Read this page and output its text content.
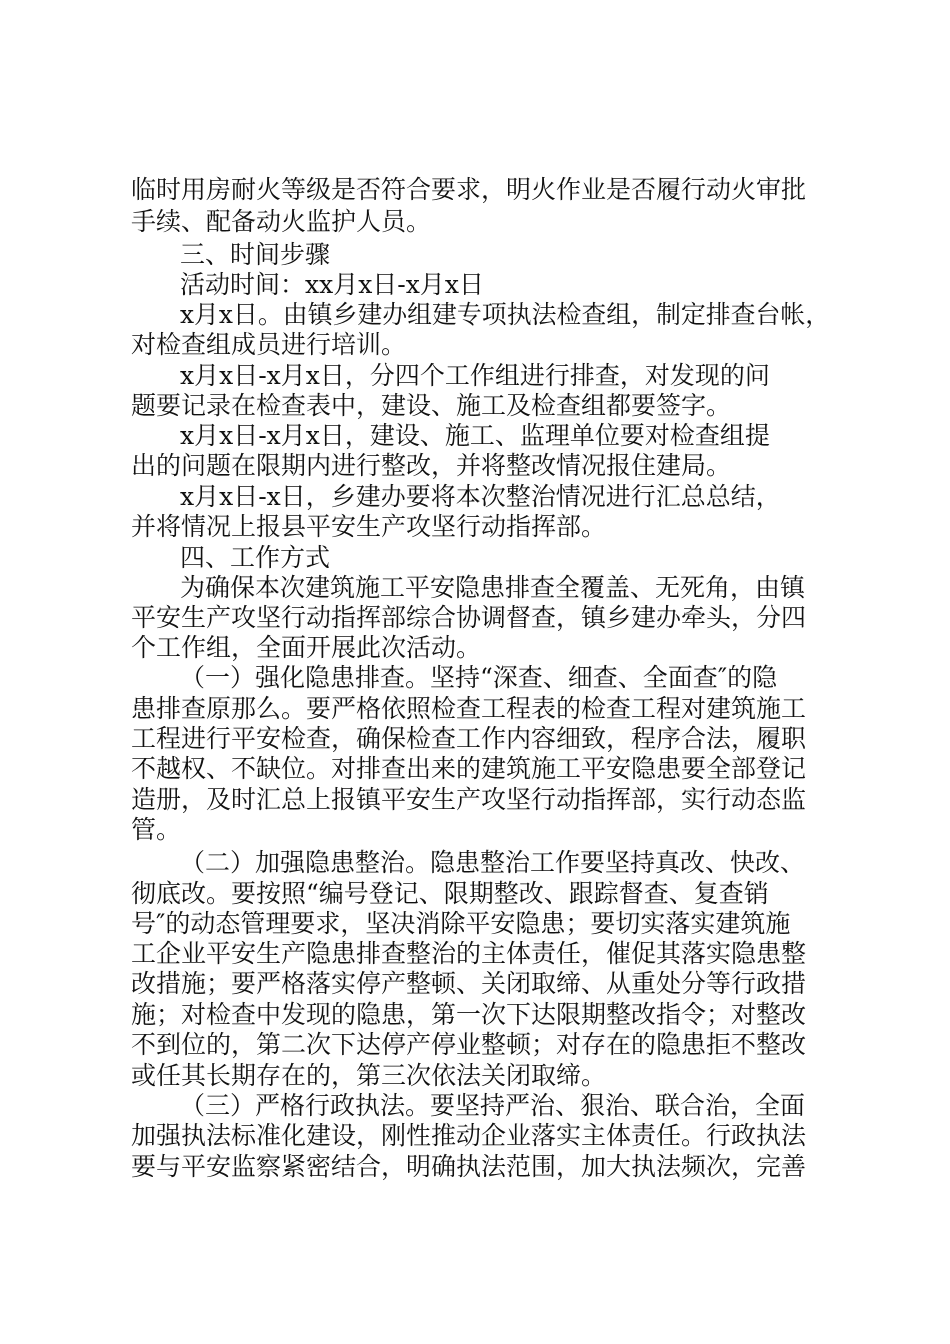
临时用房耐火等级是否符合要求，明火作业是否履行动火审批
手续、配备动火监护人员。
三、时间步骤
活动时间：xx月x日-x月x日
x月x日。由镇乡建办组建专项执法检查组，制定排查台帐，
对检查组成员进行培训。
x月x日-x月x日，分四个工作组进行排查，对发现的问
题要记录在检查表中，建设、施工及检查组都要签字。
x月x日-x月x日，建设、施工、监理单位要对检查组提
出的问题在限期内进行整改，并将整改情况报住建局。
x月x日-x日，乡建办要将本次整治情况进行汇总总结，
并将情况上报县平安生产攻坚行动指挥部。
四、工作方式
为确保本次建筑施工平安隐患排查全覆盖、无死角，由镇
平安生产攻坚行动指挥部综合协调督查，镇乡建办牵头，分四
个工作组，全面开展此次活动。
（一）强化隐患排查。坚持“深查、细查、全面查″的隐
患排查原那么。要严格依照检查工程表的检查工程对建筑施工
工程进行平安检查，确保检查工作内容细致，程序合法，履职
不越权、不缺位。对排查出来的建筑施工平安隐患要全部登记
造册，及时汇总上报镇平安生产攻坚行动指挥部，实行动态监
管。
（二）加强隐患整治。隐患整治工作要坚持真改、快改、
彻底改。要按照“编号登记、限期整改、跟踪督查、复查销
号″的动态管理要求，坚决消除平安隐患；要切实落实建筑施
工企业平安生产隐患排查整治的主体责任，催促其落实隐患整
改措施；要严格落实停产整顿、关闭取缔、从重处分等行政措
施；对检查中发现的隐患，第一次下达限期整改指令；对整改
不到位的，第二次下达停产停业整顿；对存在的隐患拒不整改
或任其长期存在的，第三次依法关闭取缔。
（三）严格行政执法。要坚持严治、狠治、联合治，全面
加强执法标准化建设，刚性推动企业落实主体责任。行政执法
要与平安监察紧密结合，明确执法范围，加大执法频次，完善
